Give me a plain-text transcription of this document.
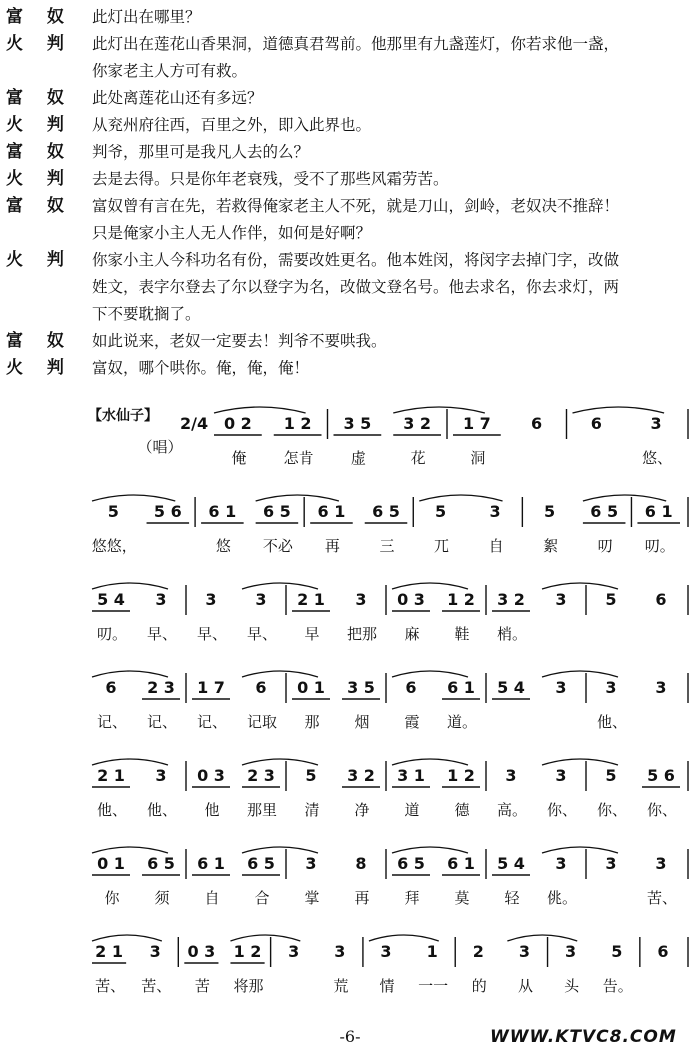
富 奴 此灯出在哪里？
火 判 此灯出在莲花山香果洞，道德真君驾前。他那里有九盏莲灯，你若求他一盏，
你家老主人方可有救。
富 奴 此处离莲花山还有多远？
火 判 从兖州府往西，百里之外，即入此界也。
富 奴 判爷，那里可是我凡人去的么？
火 判 去是去得。只是你年老衰残，受不了那些风霜劳苦。
富 奴 富奴曾有言在先，若救得俺家老主人不死，就是刀山，剑岭，老奴决不推辞！
只是俺家小主人无人作伴，如何是好啊？
火 判 你家小主人今科功名有份，需要改姓更名。他本姓闵，将闵字去掉门字，改做
姓文，表字尔登去了尔以登字为名，改做文登名号。他去求名，你去求灯，两
下不要耽搁了。
富 奴 如此说来，老奴一定要去！判爷不要哄我。
火 判 富奴，哪个哄你。俺，俺，俺！
【水仙子】
（唱）
0 2	1 2	3 5	3 2	1 7	6	6	3
俺	怎肯	虚	花	洞	悠、
5	5 6	6 1	6 5	6 1	6 5	5	3	5	6 5	6 1
悠悠，	悠	不必	再	三	兀	自	絮	叨	叨。
5 4	3	3	3	2 1	3	0 3	1 2	3 2	3	5	6
叨。	早、	早、	早、	早	把那	麻	鞋	梢。
6	2 3	1 7	6	0 1	3 5	6	6 1	5 4	3	3	3
记、	记、	记、	记取	那	烟	霞	道。	他、
2 1	3	0 3	2 3	5	3 2	3 1	1 2	3	3	5	5 6
他、	他、	他	那里	清	净	道	德	高。	你、	你、	你、
0 1	6 5	6 1	6 5	3	8	6 5	6 1	5 4	3	3	3
你	须	自	合	掌	再	拜	莫	轻	佻。	苦、
2 1	3	0 3	1 2	3	3	3	1	2	3	3	5	6
苦、	苦、	苦	将那	荒	情	一一	的	从	头	告。
2/4
-6-	WWW.KTVC8.COM
